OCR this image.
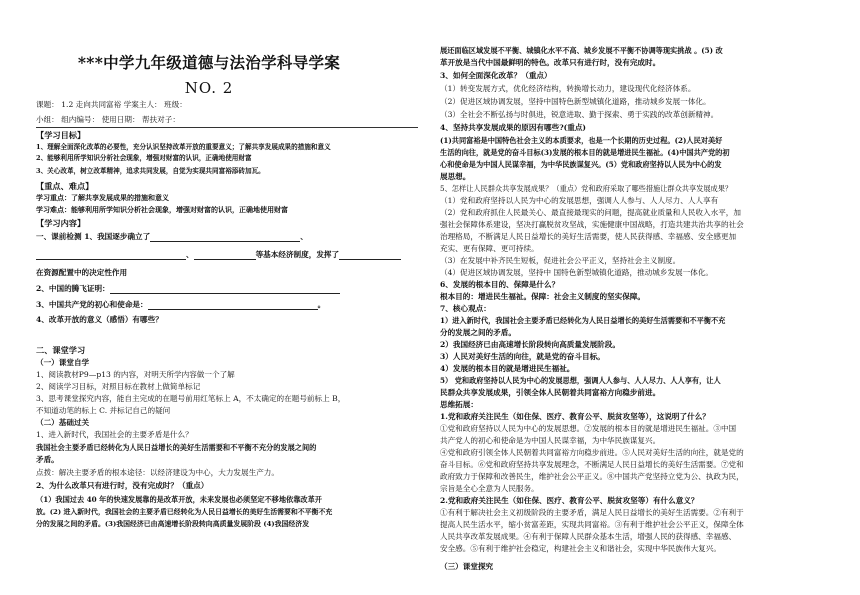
***中学九年级道德与法治学科导学案
NO. 2
课题： 1.2 走向共同富裕 学案主人： 班级：
小组： 组内编号： 使用日期： 帮扶对子：
【学习目标】
1、理解全面深化改革的必要性，充分认识坚持改革开放的重要意义；了解共享发展成果的措施和意义
2、能够利用所学知识分析社会现象，增强对财富的认识，正确地使用财富
3、关心改革，树立改革精神，追求共同发展，自觉为实现共同富裕添砖加瓦。
【重点、难点】
学习重点：了解共享发展成果的措施和意义
学习难点：能够利用所学知识分析社会现象，增强对财富的认识，正确地使用财富
【学习内容】
一、课前检测 1、我国逐步确立了	、
、	等基本经济制度，发挥了
在资源配置中的决定性作用
2、中国的腾飞证明：
3、中国共产党的初心和使命是：	。
4、改革开放的意义（感悟）有哪些？
二、课堂学习
（一）课堂自学
1、阅读教材P9—p13 的内容，对明天所学内容做一个了解
2、阅读学习目标，对照目标在教材上做简单标记
3、思考课堂探究内容，能自主完成的在题号前用红笔标上 A，不太确定的在题号前标上 B，
不知道动笔的标上 C. 并标记自己的疑问
（二）基础过关
1、进入新时代，我国社会的主要矛盾是什么？
我国社会主要矛盾已经转化为人民日益增长的美好生活需要和不平衡不充分的发展之间的
矛盾。
点拨：解决主要矛盾的根本途径：以经济建设为中心，大力发展生产力。
2、为什么改革只有进行时，没有完成时？（重点）
（1）我国过去 40 年的快速发展靠的是改革开放，未来发展也必须坚定不移地依靠改革开
放。(2) 进入新时代，我国社会的主要矛盾已经转化为人民日益增长的美好生活需要和不平衡不充
分的发展之间的矛盾。(3)我国经济已由高速增长阶段转向高质量发展阶段 (4)我国经济发
展还面临区域发展不平衡、城镇化水平不高、城乡发展不平衡不协调等现实挑战 。(5) 改
革开放是当代中国最鲜明的特色。改革只有进行时，没有完成时。
3、如何全面深化改革？（重点）
（1）转变发展方式，优化经济结构，转换增长动力，建设现代化经济体系。
（2）促进区域协调发展，坚持中国特色新型城镇化道路，推动城乡发展一体化。
（3）全社会不断弘扬与时俱进，锐意进取、勤于探索、勇于实践的改革创新精神。
4、坚持共享发展成果的原因有哪些?(重点)
(1)共同富裕是中国特色社会主义的本质要求，也是一个长期的历史过程。(2)人民对美好
生活的向往，就是党的奋斗目标(3)发展的根本目的就是增进民生福祉。(4)中国共产党的初
心和使命是为中国人民谋幸福，为中华民族谋复兴。(5）党和政府坚持以人民为中心的发
展思想。
5、怎样让人民群众共享发展成果？（重点）党和政府采取了哪些措施让群众共享发展成果？
（1）党和政府坚持以人民为中心的发展思想，强调人人参与、人人尽力、人人享有
（2）党和政府抓住人民最关心、最直接最现实的问题，提高就业质量和人民收入水平，加
强社会保障体系建设，坚决打赢脱贫攻坚战，实施健康中国战略，打造共建共治共享的社会
治理格局，不断满足人民日益增长的美好生活需要，使人民获得感、幸福感、安全感更加
充实、更有保障、更可持续。
（3）在发展中补齐民生短板，促进社会公平正义，坚持社会主义制度。
（4）促进区域协调发展，坚持中 国特色新型城镇化道路，推动城乡发展一体化。
6、发展的根本目的、保障是什么？
根本目的：增进民生福祉。保障：社会主义制度的坚实保障。
7、核心观点：
1）进入新时代，我国社会主要矛盾已经转化为人民日益增长的美好生活需要和不平衡不充
分的发展之间的矛盾。
2）我国经济已由高速增长阶段转向高质量发展阶段。
3）人民对美好生活的向往，就是党的奋斗目标。
4）发展的根本目的就是增进民生福祉。
5） 党和政府坚持以人民为中心的发展思想，强调人人参与、人人尽力、人人享有，让人
民群众共享发展成果，引领全体人民朝着共同富裕方向稳步前进。
思维拓展：
1.党和政府关注民生（如住保、医疗、教育公平、脱贫攻坚等），这说明了什么？
①党和政府坚持以人民为中心的发展思想。②发展的根本目的就是增进民生福祉。③中国
共产党人的初心和使命是为中国人民谋幸福，为中华民族谋复兴。
④党和政府引领全体人民朝着共同富裕方向稳步前进。⑤人民对美好生活的向往，就是党的
奋斗目标。⑥党和政府坚持共享发展理念，不断满足人民日益增长的美好生活需要。⑦党和
政府致力于保障和改善民生，维护社会公平正义。⑧中国共产党坚持立党为公、执政为民，
宗旨是全心全意为人民服务。
2.党和政府关注民生（如住保、医疗、教育公平、脱贫攻坚等）有什么意义？
①有利于解决社会主义初级阶段的主要矛盾，满足人民日益增长的美好生活需要。②有利于
提高人民生活水平，缩小贫富差距，实现共同富裕。③有利于维护社会公平正义，保障全体
人民共享改革发展成果。④有利于保障人民群众基本生活，增强人民的获得感、幸福感、
安全感。⑤有利于维护社会稳定，构建社会主义和谐社会，实现中华民族伟大复兴。
（三）课堂探究
